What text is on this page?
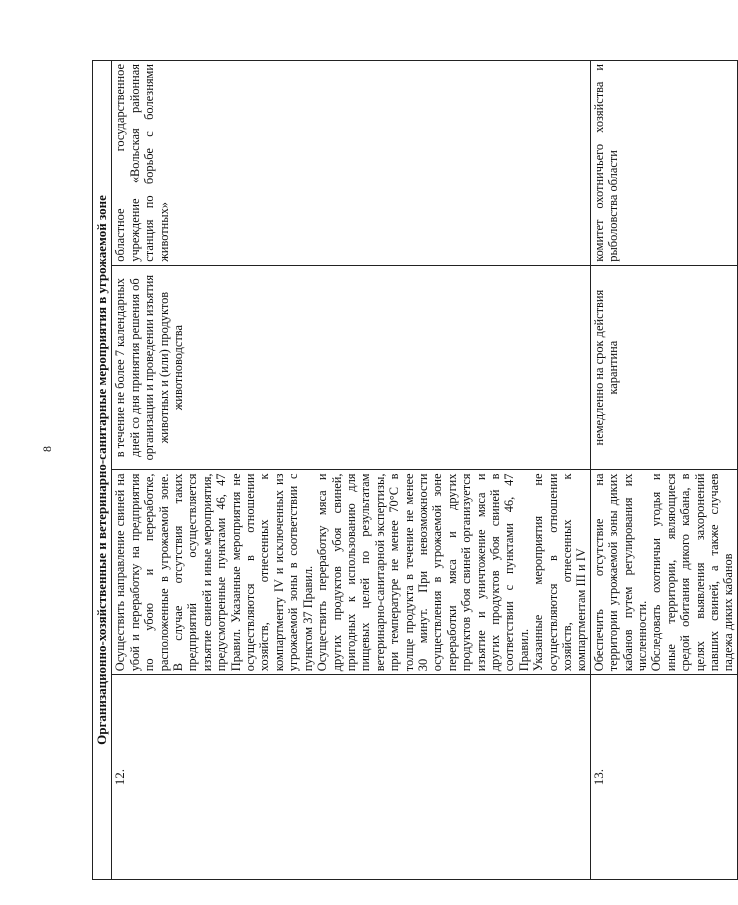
8	Организационно-хозяйственные и ветеринарно-санитарные мероприятия в угрожаемой зоне			
12.	Осуществить направление свиней на убой и переработку на предприятия по убою и переработке, расположенные в угрожаемой зоне. В случае отсутствия таких предприятий осуществляется изъятие свиней и иные мероприятия, предусмотренные пунктами 46, 47 Правил. Указанные мероприятия не осуществляются в отношении хозяйств, отнесенных к компартменту IV и исключенных из угрожаемой зоны в соответствии с пунктом 37 Правил. Осуществить переработку мяса и других продуктов убоя свиней, пригодных к использованию для пищевых целей по результатам ветеринарно-санитарной экспертизы, при температуре не менее 70°С в толще продукта в течение не менее 30 минут. При невозможности осуществления в угрожаемой зоне переработки мяса и других продуктов убоя свиней организуется изъятие и уничтожение мяса и других продуктов убоя свиней в соответствии с пунктами 46, 47 Правил. Указанные мероприятия не осуществляются в отношении хозяйств, отнесенных к компартментам III и IV	в течение не более 7 календарных дней со дня принятия решения об организации и проведении изъятия животных и (или) продуктов животноводства	областное государственное учреждение «Вольская районная станция по борьбе с болезнями животных»
13.	Обеспечить отсутствие на территории угрожаемой зоны диких кабанов путем регулирования их численности. Обследовать охотничьи угодья и иные территории, являющиеся средой обитания дикого кабана, в целях выявления захоронений павших свиней, а также случаев падежа диких кабанов	немедленно на срок действия карантина	комитет охотничьего хозяйства и рыболовства области
